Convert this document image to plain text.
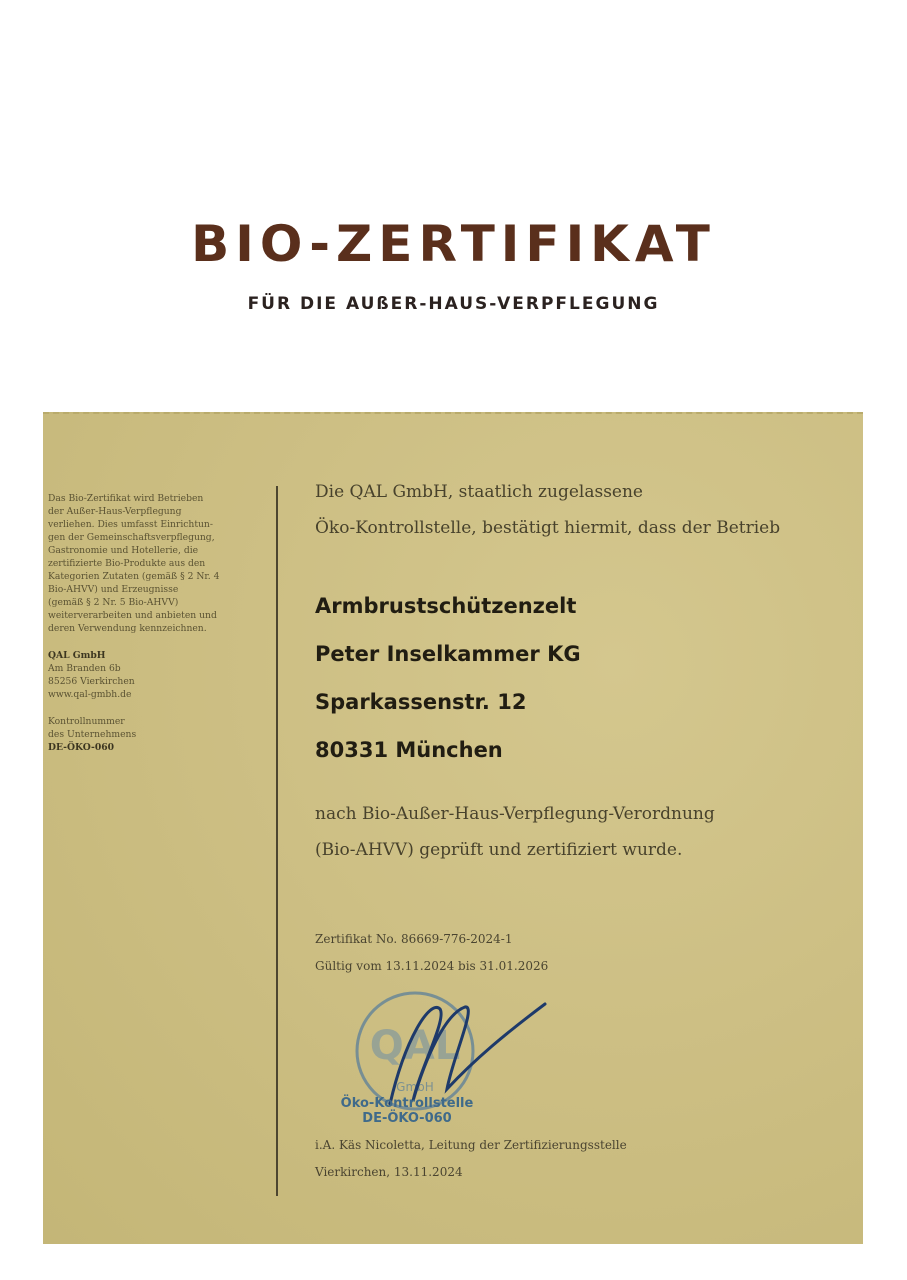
BIO-ZERTIFIKAT
FÜR DIE AUßER-HAUS-VERPFLEGUNG
Das Bio-Zertifikat wird Betrieben
der Außer-Haus-Verpflegung
verliehen. Dies umfasst Einrichtun-
gen der Gemeinschaftsverpflegung,
Gastronomie und Hotellerie, die
zertifizierte Bio-Produkte aus den
Kategorien Zutaten (gemäß § 2 Nr. 4
Bio-AHVV) und Erzeugnisse
(gemäß § 2 Nr. 5 Bio-AHVV)
weiterverarbeiten und anbieten und
deren Verwendung kennzeichnen.
QAL GmbH
Am Branden 6b
85256 Vierkirchen
www.qal-gmbh.de
Kontrollnummer
des Unternehmens
DE-ÖKO-060
Die QAL GmbH, staatlich zugelassene
Öko-Kontrollstelle, bestätigt hiermit, dass der Betrieb
Armbrustschützenzelt
Peter Inselkammer KG
Sparkassenstr. 12
80331 München
nach Bio-Außer-Haus-Verpflegung-Verordnung
(Bio-AHVV) geprüft und zertifiziert wurde.
Zertifikat No. 86669-776-2024-1
Gültig vom 13.11.2024 bis 31.01.2026
QAL
GmbH
Öko-Kontrollstelle
DE-ÖKO-060
i.A. Käs Nicoletta, Leitung der Zertifizierungsstelle
Vierkirchen, 13.11.2024
